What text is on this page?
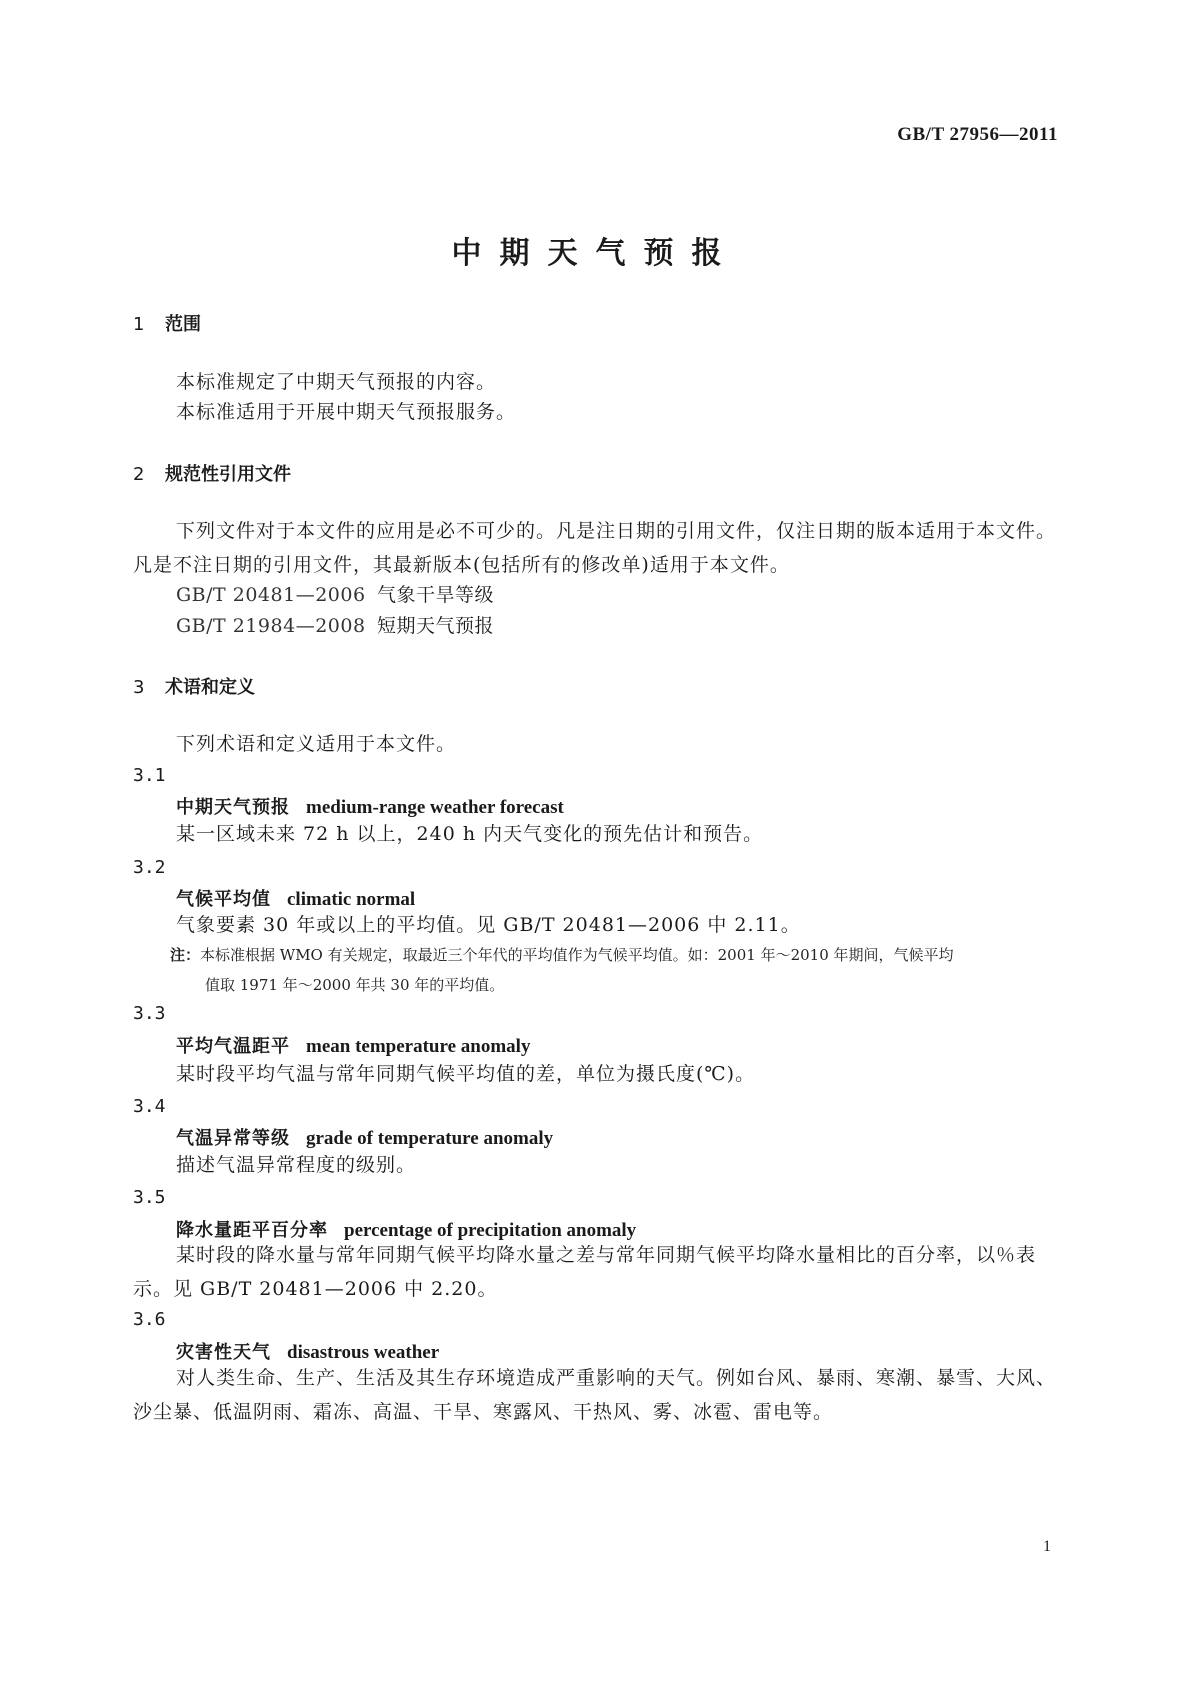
GB/T 27956—2011
中期天气预报
1 范围
本标准规定了中期天气预报的内容。
本标准适用于开展中期天气预报服务。
2 规范性引用文件
下列文件对于本文件的应用是必不可少的。凡是注日期的引用文件，仅注日期的版本适用于本文件。凡是不注日期的引用文件，其最新版本(包括所有的修改单)适用于本文件。
GB/T 20481—2006 气象干旱等级
GB/T 21984—2008 短期天气预报
3 术语和定义
下列术语和定义适用于本文件。
3.1
中期天气预报 medium-range weather forecast
某一区域未来 72 h 以上，240 h 内天气变化的预先估计和预告。
3.2
气候平均值 climatic normal
气象要素 30 年或以上的平均值。见 GB/T 20481—2006 中 2.11。
注：本标准根据 WMO 有关规定，取最近三个年代的平均值作为气候平均值。如：2001 年～2010 年期间，气候平均
值取 1971 年～2000 年共 30 年的平均值。
3.3
平均气温距平 mean temperature anomaly
某时段平均气温与常年同期气候平均值的差，单位为摄氏度(℃)。
3.4
气温异常等级 grade of temperature anomaly
描述气温异常程度的级别。
3.5
降水量距平百分率 percentage of precipitation anomaly
某时段的降水量与常年同期气候平均降水量之差与常年同期气候平均降水量相比的百分率，以％表示。见 GB/T 20481—2006 中 2.20。
3.6
灾害性天气 disastrous weather
对人类生命、生产、生活及其生存环境造成严重影响的天气。例如台风、暴雨、寒潮、暴雪、大风、沙尘暴、低温阴雨、霜冻、高温、干旱、寒露风、干热风、雾、冰雹、雷电等。
1
